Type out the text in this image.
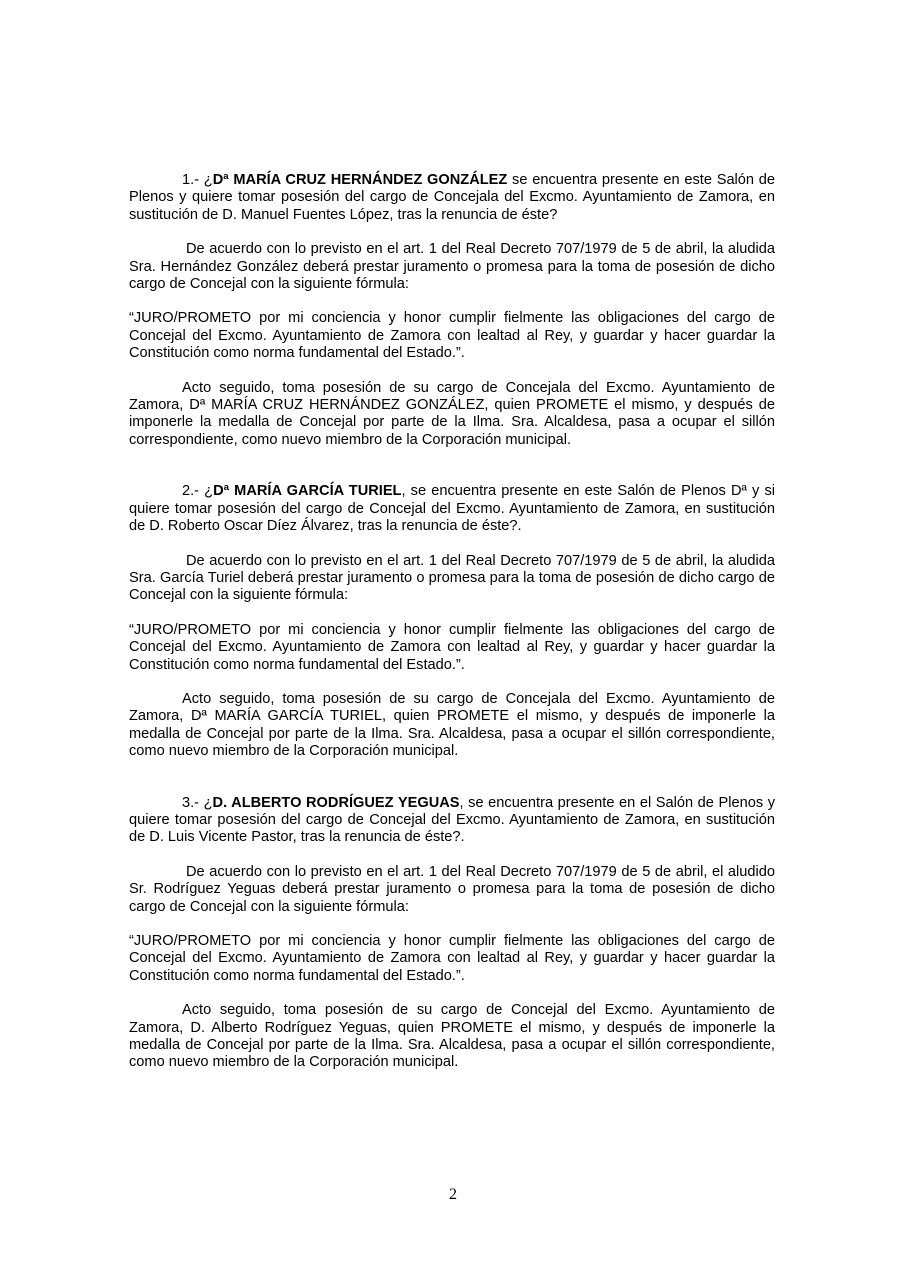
1.- ¿Dª MARÍA CRUZ HERNÁNDEZ GONZÁLEZ se encuentra presente en este Salón de Plenos y quiere tomar posesión del cargo de Concejala del Excmo. Ayuntamiento de Zamora, en sustitución de D. Manuel Fuentes López, tras la renuncia de éste?

De acuerdo con lo previsto en el art. 1 del Real Decreto 707/1979 de 5 de abril, la aludida Sra. Hernández González deberá prestar juramento o promesa para la toma de posesión de dicho cargo de Concejal con la siguiente fórmula:

“JURO/PROMETO por mi conciencia y honor cumplir fielmente las obligaciones del cargo de Concejal del Excmo. Ayuntamiento de Zamora con lealtad al Rey, y guardar y hacer guardar la Constitución como norma fundamental del Estado.”.

Acto seguido, toma posesión de su cargo de Concejala del Excmo. Ayuntamiento de Zamora, Dª MARÍA CRUZ HERNÁNDEZ GONZÁLEZ, quien PROMETE el mismo, y después de imponerle la medalla de Concejal por parte de la Ilma. Sra. Alcaldesa, pasa a ocupar el sillón correspondiente, como nuevo miembro de la Corporación municipal.

2.- ¿Dª MARÍA GARCÍA TURIEL, se encuentra presente en este Salón de Plenos Dª y si quiere tomar posesión del cargo de Concejal del Excmo. Ayuntamiento de Zamora, en sustitución de D. Roberto Oscar Díez Álvarez, tras la renuncia de éste?.

De acuerdo con lo previsto en el art. 1 del Real Decreto 707/1979 de 5 de abril, la aludida Sra. García Turiel deberá prestar juramento o promesa para la toma de posesión de dicho cargo de Concejal con la siguiente fórmula:

“JURO/PROMETO por mi conciencia y honor cumplir fielmente las obligaciones del cargo de Concejal del Excmo. Ayuntamiento de Zamora con lealtad al Rey, y guardar y hacer guardar la Constitución como norma fundamental del Estado.”.

Acto seguido, toma posesión de su cargo de Concejala del Excmo. Ayuntamiento de Zamora, Dª MARÍA GARCÍA TURIEL, quien PROMETE el mismo, y después de imponerle la medalla de Concejal por parte de la Ilma. Sra. Alcaldesa, pasa a ocupar el sillón correspondiente, como nuevo miembro de la Corporación municipal.

3.- ¿D. ALBERTO RODRÍGUEZ YEGUAS, se encuentra presente en el Salón de Plenos y quiere tomar posesión del cargo de Concejal del Excmo. Ayuntamiento de Zamora, en sustitución de D. Luis Vicente Pastor, tras la renuncia de éste?.

De acuerdo con lo previsto en el art. 1 del Real Decreto 707/1979 de 5 de abril, el aludido Sr. Rodríguez Yeguas deberá prestar juramento o promesa para la toma de posesión de dicho cargo de Concejal con la siguiente fórmula:

“JURO/PROMETO por mi conciencia y honor cumplir fielmente las obligaciones del cargo de Concejal del Excmo. Ayuntamiento de Zamora con lealtad al Rey, y guardar y hacer guardar la Constitución como norma fundamental del Estado.”.

Acto seguido, toma posesión de su cargo de Concejal del Excmo. Ayuntamiento de Zamora, D. Alberto Rodríguez Yeguas, quien PROMETE el mismo, y después de imponerle la medalla de Concejal por parte de la Ilma. Sra. Alcaldesa, pasa a ocupar el sillón correspondiente, como nuevo miembro de la Corporación municipal.

2
